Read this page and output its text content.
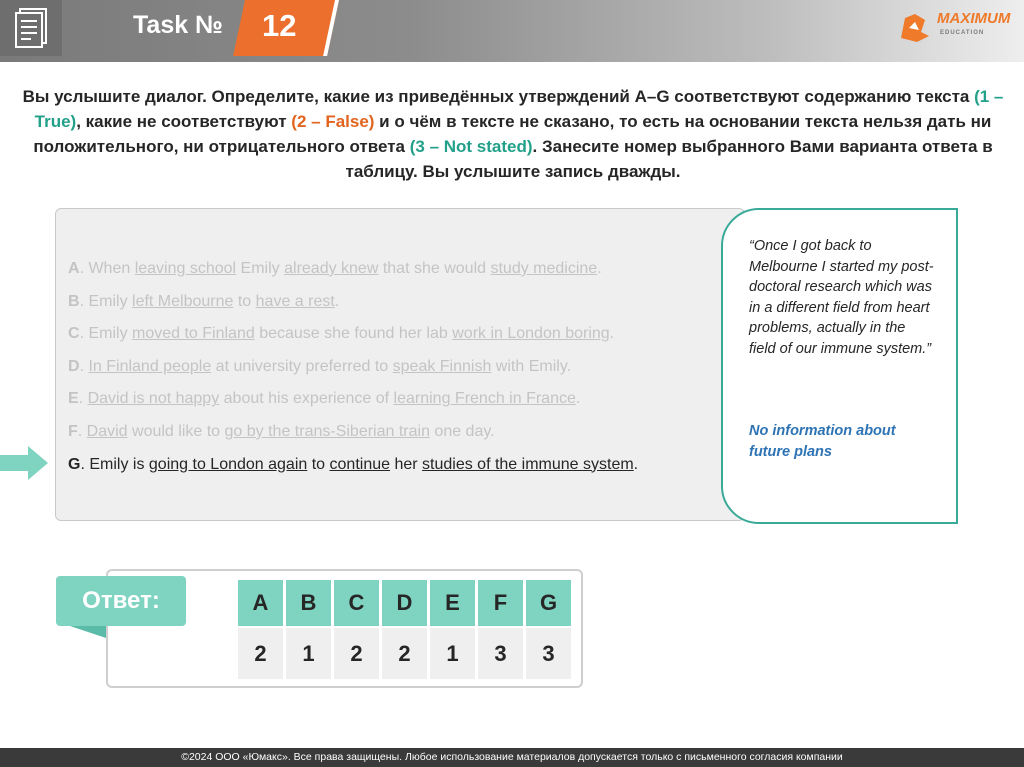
Task № 12	MAXIMUM
EDUCATION
Вы услышите диалог. Определите, какие из приведённых утверждений А–G соответствуют содержанию текста (1 – True), какие не соответствуют (2 – False) и о чём в тексте не сказано, то есть на основании текста нельзя дать ни положительного, ни отрицательного ответа (3 – Not stated). Занесите номер выбранного Вами варианта ответа в таблицу. Вы услышите запись дважды.
A. When leaving school Emily already knew that she would study medicine.
B. Emily left Melbourne to have a rest.
C. Emily moved to Finland because she found her lab work in London boring.
D. In Finland people at university preferred to speak Finnish with Emily.
E. David is not happy about his experience of learning French in France.
F. David would like to go by the trans-Siberian train one day.
G. Emily is going to London again to continue her studies of the immune system.
“Once I got back to Melbourne I started my post-doctoral research which was in a different field from heart problems, actually in the field of our immune system.”
No information about future plans
Ответ:	A	B	C	D	E	F	G
2	1	2	2	1	3	3
©2024 ООО «Юмакс». Все права защищены. Любое использование материалов допускается только с письменного согласия компании
